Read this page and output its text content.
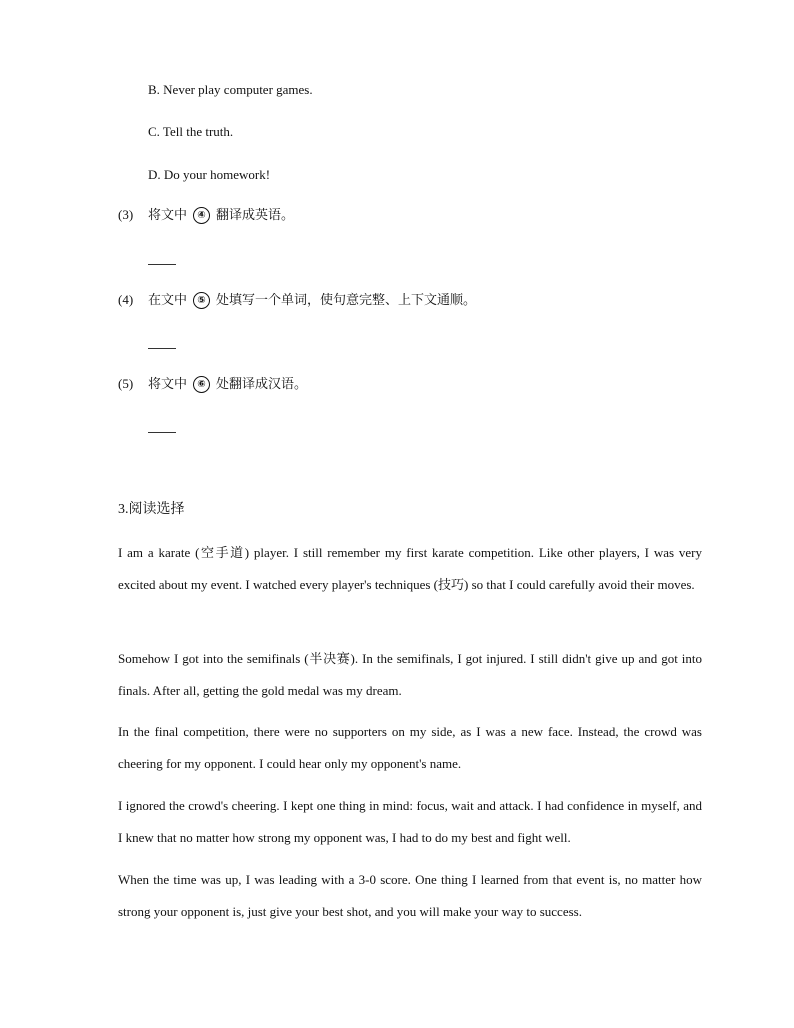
B. Never play computer games.
C. Tell the truth.
D. Do your homework!
(3)	将文中	④ 翻译成英语。
(4)	在文中	⑤ 处填写一个单词，使句意完整、上下文通顺。
(5)	将文中	⑥ 处翻译成汉语。
3.阅读选择
I am a karate (空手道) player. I still remember my first karate competition. Like other players, I was very excited about my event. I watched every player's techniques (技巧) so that I could carefully avoid their moves.
Somehow I got into the semifinals (半决赛). In the semifinals, I got injured. I still didn't give up and got into finals. After all, getting the gold medal was my dream.
In the final competition, there were no supporters on my side, as I was a new face. Instead, the crowd was cheering for my opponent. I could hear only my opponent's name.
I ignored the crowd's cheering. I kept one thing in mind: focus, wait and attack. I had confidence in myself, and I knew that no matter how strong my opponent was, I had to do my best and fight well.
When the time was up, I was leading with a 3-0 score. One thing I learned from that event is, no matter how strong your opponent is, just give your best shot, and you will make your way to success.
